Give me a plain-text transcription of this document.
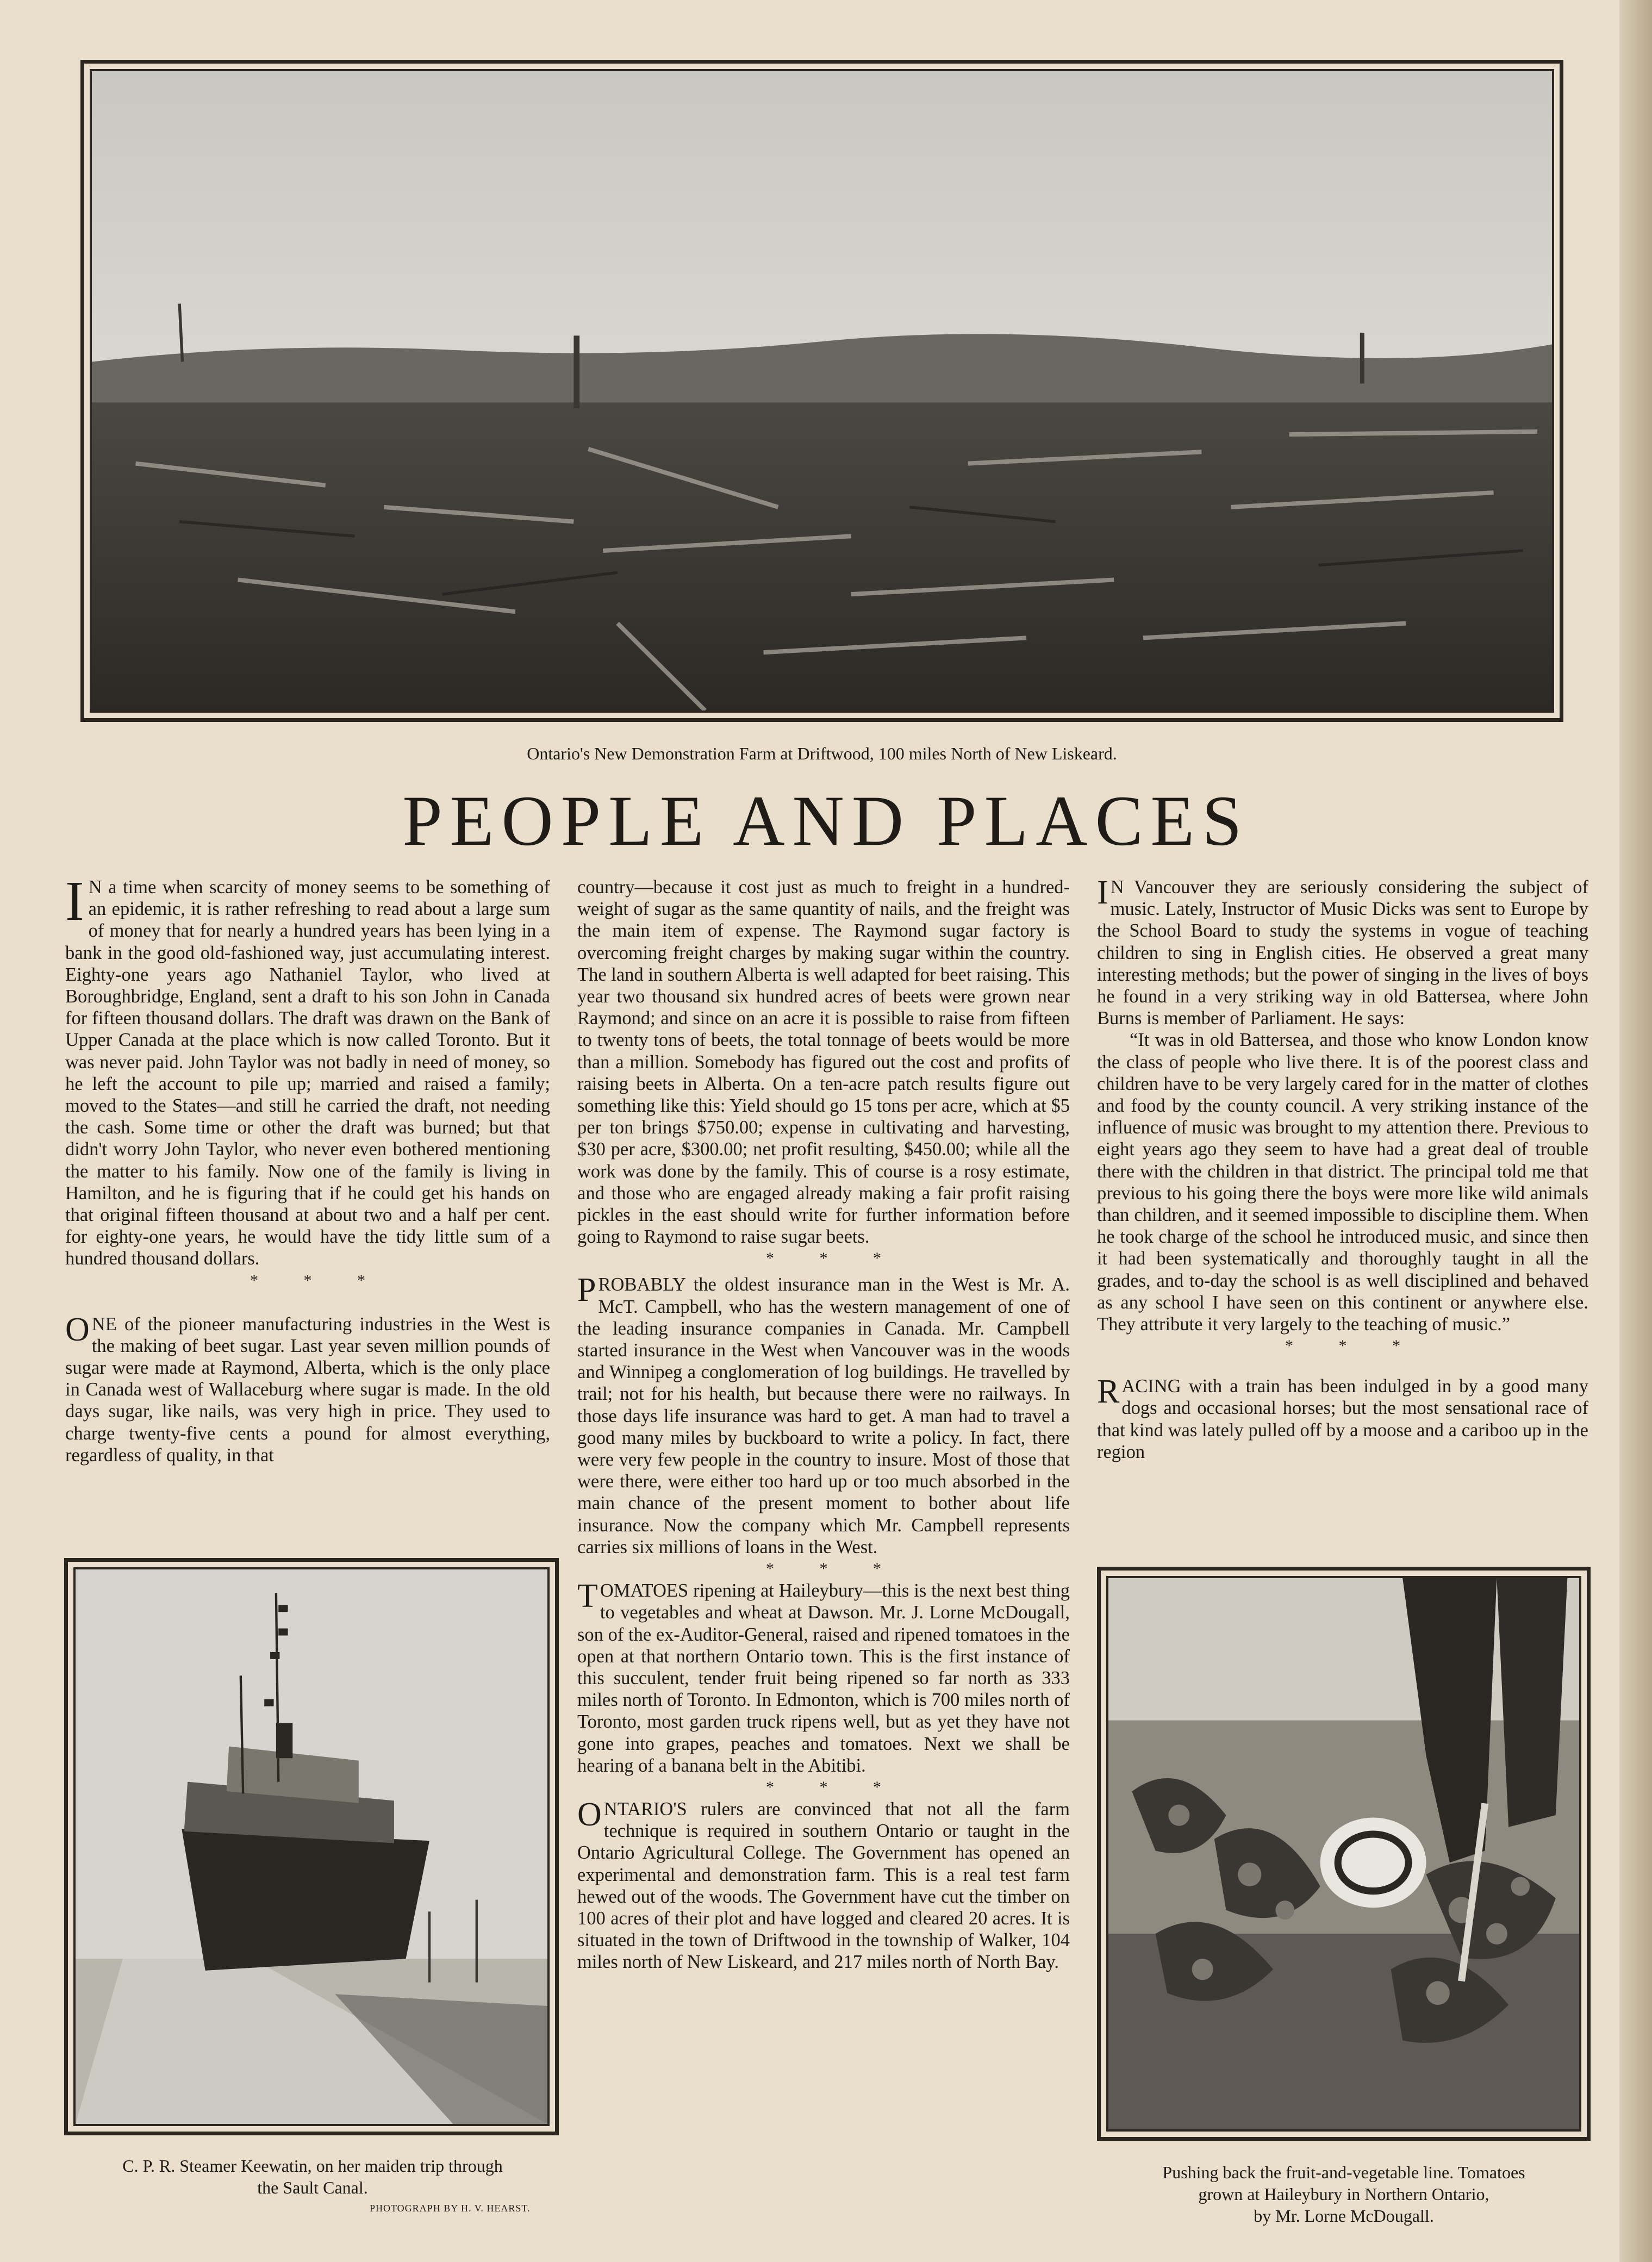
Ontario's New Demonstration Farm at Driftwood, 100 miles North of New Liskeard.
PEOPLE AND PLACES

I N a time when scarcity of money seems to be something of an epidemic, it is rather refreshing to read about a large sum of money that for nearly a hundred years has been lying in a bank in the good old-fashioned way, just accumulating interest. Eighty-one years ago Nathaniel Taylor, who lived at Boroughbridge, England, sent a draft to his son John in Canada for fifteen thousand dollars. The draft was drawn on the Bank of Upper Canada at the place which is now called Toronto. But it was never paid. John Taylor was not badly in need of money, so he left the account to pile up; married and raised a family; moved to the States—and still he carried the draft, not needing the cash. Some time or other the draft was burned; but that didn't worry John Taylor, who never even bothered mentioning the matter to his family. Now one of the family is living in Hamilton, and he is figuring that if he could get his hands on that original fifteen thousand at about two and a half per cent. for eighty-one years, he would have the tidy little sum of a hundred thousand dollars.

* * *

O NE of the pioneer manufacturing industries in the West is the making of beet sugar. Last year seven million pounds of sugar were made at Raymond, Alberta, which is the only place in Canada west of Wallaceburg where sugar is made. In the old days sugar, like nails, was very high in price. They used to charge twenty-five cents a pound for almost everything, regardless of quality, in that

C. P. R. Steamer Keewatin, on her maiden trip through
the Sault Canal.
PHOTOGRAPH BY H. V. HEARST.

country—because it cost just as much to freight in a hundred-weight of sugar as the same quantity of nails, and the freight was the main item of expense. The Raymond sugar factory is overcoming freight charges by making sugar within the country. The land in southern Alberta is well adapted for beet raising. This year two thousand six hundred acres of beets were grown near Raymond; and since on an acre it is possible to raise from fifteen to twenty tons of beets, the total tonnage of beets would be more than a million. Somebody has figured out the cost and profits of raising beets in Alberta. On a ten-acre patch results figure out something like this: Yield should go 15 tons per acre, which at $5 per ton brings $750.00; expense in cultivating and harvesting, $30 per acre, $300.00; net profit resulting, $450.00; while all the work was done by the family. This of course is a rosy estimate, and those who are engaged already making a fair profit raising pickles in the east should write for further information before going to Raymond to raise sugar beets.

* * *

P ROBABLY the oldest insurance man in the West is Mr. A. McT. Campbell, who has the western management of one of the leading insurance companies in Canada. Mr. Campbell started insurance in the West when Vancouver was in the woods and Winnipeg a conglomeration of log buildings. He travelled by trail; not for his health, but because there were no railways. In those days life insurance was hard to get. A man had to travel a good many miles by buckboard to write a policy. In fact, there were very few people in the country to insure. Most of those that were there, were either too hard up or too much absorbed in the main chance of the present moment to bother about life insurance. Now the company which Mr. Campbell represents carries six millions of loans in the West.

* * *

T OMATOES ripening at Haileybury—this is the next best thing to vegetables and wheat at Dawson. Mr. J. Lorne McDougall, son of the ex-Auditor-General, raised and ripened tomatoes in the open at that northern Ontario town. This is the first instance of this succulent, tender fruit being ripened so far north as 333 miles north of Toronto. In Edmonton, which is 700 miles north of Toronto, most garden truck ripens well, but as yet they have not gone into grapes, peaches and tomatoes. Next we shall be hearing of a banana belt in the Abitibi.

* * *

O NTARIO'S rulers are convinced that not all the farm technique is required in southern Ontario or taught in the Ontario Agricultural College. The Government has opened an experimental and demonstration farm. This is a real test farm hewed out of the woods. The Government have cut the timber on 100 acres of their plot and have logged and cleared 20 acres. It is situated in the town of Driftwood in the township of Walker, 104 miles north of New Liskeard, and 217 miles north of North Bay.

I N Vancouver they are seriously considering the subject of music. Lately, Instructor of Music Dicks was sent to Europe by the School Board to study the systems in vogue of teaching children to sing in English cities. He observed a great many interesting methods; but the power of singing in the lives of boys he found in a very striking way in old Battersea, where John Burns is member of Parliament. He says:

“It was in old Battersea, and those who know London know the class of people who live there. It is of the poorest class and children have to be very largely cared for in the matter of clothes and food by the county council. A very striking instance of the influence of music was brought to my attention there. Previous to eight years ago they seem to have had a great deal of trouble there with the children in that district. The principal told me that previous to his going there the boys were more like wild animals than children, and it seemed impossible to discipline them. When he took charge of the school he introduced music, and since then it had been systematically and thoroughly taught in all the grades, and to-day the school is as well disciplined and behaved as any school I have seen on this continent or anywhere else. They attribute it very largely to the teaching of music.”

* * *

R ACING with a train has been indulged in by a good many dogs and occasional horses; but the most sensational race of that kind was lately pulled off by a moose and a cariboo up in the region

Pushing back the fruit-and-vegetable line. Tomatoes
grown at Haileybury in Northern Ontario,
by Mr. Lorne McDougall.
